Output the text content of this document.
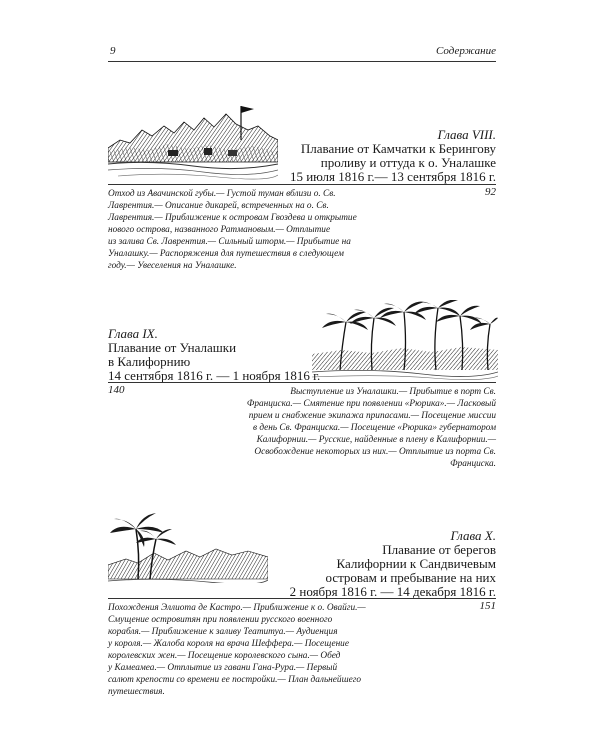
9	Содержание
Глава VIII.
Плавание от Камчатки к Берингову
проливу и оттуда к о. Уналашке
15 июля 1816 г.— 13 сентября 1816 г.
92
Отход из Авачинской губы.— Густой туман вблизи о. Св.
Лаврентия.— Описание дикарей, встреченных на о. Св.
Лаврентия.— Приближение к островам Гвоздева и открытие
нового острова, названного Ратмановым.— Отплытие
из залива Св. Лаврентия.— Сильный шторм.— Прибытие на
Уналашку.— Распоряжения для путешествия в следующем
году.— Увеселения на Уналашке.
Глава IX.
Плавание от Уналашки
в Калифорнию
14 сентября 1816 г. — 1 ноября 1816 г.
140	Выступление из Уналашки.— Прибытие в порт Св.
Франциска.— Смятение при появлении «Рюрика».— Ласковый
прием и снабжение экипажа припасами.— Посещение миссии
в день Св. Франциска.— Посещение «Рюрика» губернатором
Калифорнии.— Русские, найденные в плену в Калифорнии.—
Освобождение некоторых из них.— Отплытие из порта Св.
Франциска.
Глава X.
Плавание от берегов
Калифорнии к Сандвичевым
островам и пребывание на них
2 ноября 1816 г. — 14 декабря 1816 г.
151
Похождения Эллиота де Кастро.— Приближение к о. Овайги.—
Смущение островитян при появлении русского военного
корабля.— Приближение к заливу Театитуа.— Аудиенция
у короля.— Жалоба короля на врача Шеффера.— Посещение
королевских жен.— Посещение королевского сына.— Обед
у Камеамеа.— Отплытие из гавани Гана-Рура.— Первый
салют крепости со времени ее постройки.— План дальнейшего
путешествия.
